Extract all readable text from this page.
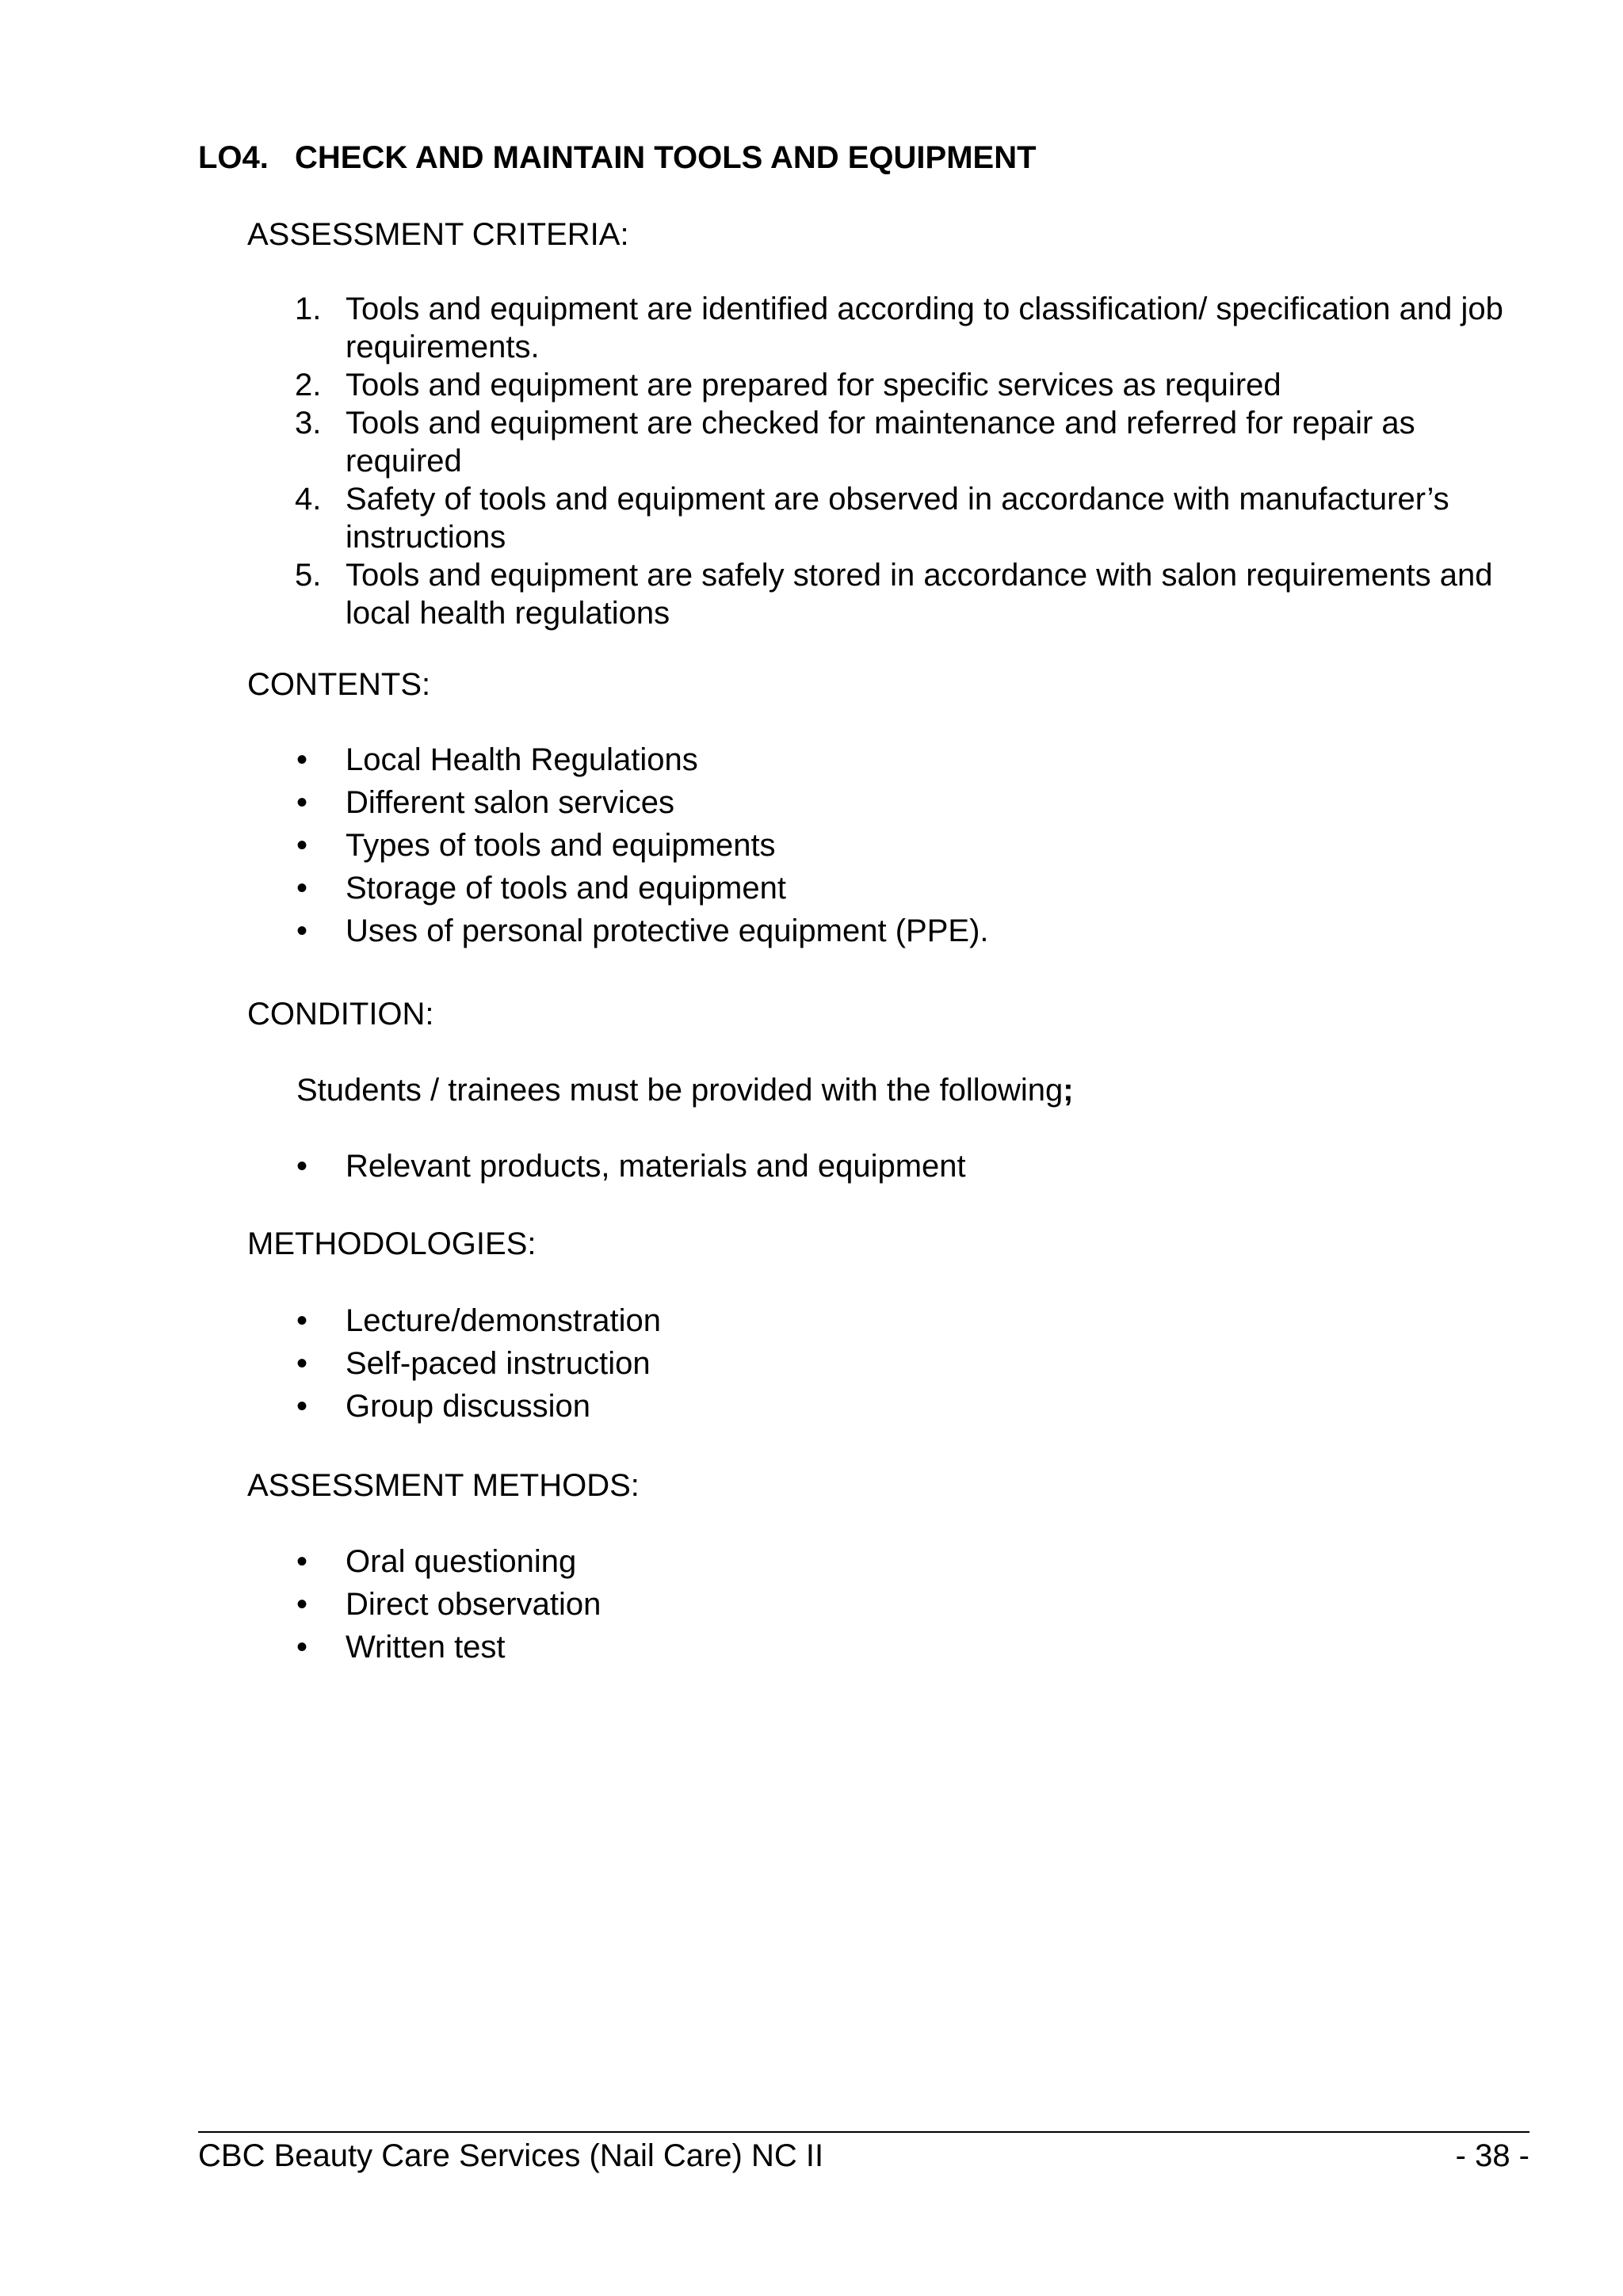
LO4. CHECK AND MAINTAIN TOOLS AND EQUIPMENT
ASSESSMENT CRITERIA:
1. Tools and equipment are identified according to classification/ specification and job requirements.
2. Tools and equipment are prepared for specific services as required
3. Tools and equipment are checked for maintenance and referred for repair as required
4. Safety of tools and equipment are observed in accordance with manufacturer’s instructions
5. Tools and equipment are safely stored in accordance with salon requirements and local health regulations
CONTENTS:
•	Local Health Regulations
•	Different salon services
•	Types of tools and equipments
•	Storage of tools and equipment
•	Uses of personal protective equipment (PPE).
CONDITION:
Students / trainees must be provided with the following;
•	Relevant products, materials and equipment
METHODOLOGIES:
•	Lecture/demonstration
•	Self-paced instruction
•	Group discussion
ASSESSMENT METHODS:
•	Oral questioning
•	Direct observation
•	Written test
CBC Beauty Care Services (Nail Care) NC II	- 38 -
